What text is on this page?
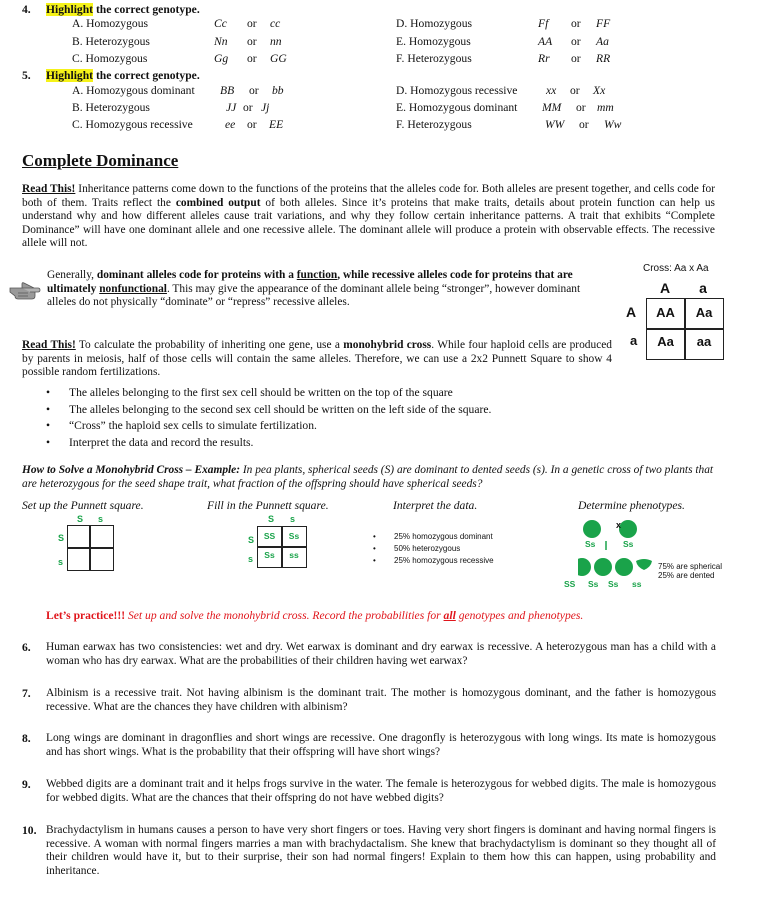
4. Highlight the correct genotype.
A. Homozygous	Cc or cc
B. Heterozygous	Nn or nn
C. Homozygous	Gg or GG
D. Homozygous	Ff or FF
E. Homozygous	AA or Aa
F. Heterozygous	Rr or RR
5. Highlight the correct genotype.
A. Homozygous dominant BB or bb
B. Heterozygous	JJ or Jj
C. Homozygous recessive	ee or EE
D. Homozygous recessive xx or Xx
E. Homozygous dominant MM or mm
F. Heterozygous	WW or Ww
Complete Dominance
Read This! Inheritance patterns come down to the functions of the proteins that the alleles code for. Both alleles are present together, and cells code for both of them. Traits reflect the combined output of both alleles. Since it’s proteins that make traits, details about protein function can help us understand why and how different alleles cause trait variations, and why they follow certain inheritance patterns. A trait that exhibits “Complete Dominance” will have one dominant allele and one recessive allele. The dominant allele will produce a protein with observable effects. The recessive allele will not.
Generally, dominant alleles code for proteins with a function, while recessive alleles code for proteins that are ultimately nonfunctional. This may give the appearance of the dominant allele being “stronger”, however dominant alleles do not physically “dominate” or “repress” recessive alleles.
Cross: Aa x Aa
A	a
A
a
AA	Aa
Aa	aa
Read This! To calculate the probability of inheriting one gene, use a monohybrid cross. While four haploid cells are produced by parents in meiosis, half of those cells will contain the same alleles. Therefore, we can use a 2x2 Punnett Square to show 4 possible random fertilizations.
• The alleles belonging to the first sex cell should be written on the top of the square
• The alleles belonging to the second sex cell should be written on the left side of the square.
• “Cross” the haploid sex cells to simulate fertilization.
• Interpret the data and record the results.
How to Solve a Monohybrid Cross – Example: In pea plants, spherical seeds (S) are dominant to dented seeds (s). In a genetic cross of two plants that are heterozygous for the seed shape trait, what fraction of the offspring should have spherical seeds?
Set up the Punnett square.	Fill in the Punnett square.	Interpret the data.	Determine phenotypes.
S s
S
s
S s
S
s
SS	Ss
Ss	ss
• 25% homozygous dominant
• 50% heterozygous
• 25% homozygous recessive
x
Ss	Ss
SS Ss Ss ss
75% are spherical
25% are dented
Let’s practice!!! Set up and solve the monohybrid cross. Record the probabilities for all genotypes and phenotypes.
6. Human earwax has two consistencies: wet and dry. Wet earwax is dominant and dry earwax is recessive. A heterozygous man has a child with a woman who has dry earwax. What are the probabilities of their children having wet earwax?
7. Albinism is a recessive trait. Not having albinism is the dominant trait. The mother is homozygous dominant, and the father is homozygous recessive. What are the chances they have children with albinism?
8. Long wings are dominant in dragonflies and short wings are recessive. One dragonfly is heterozygous with long wings. Its mate is homozygous and has short wings. What is the probability that their offspring will have short wings?
9. Webbed digits are a dominant trait and it helps frogs survive in the water. The female is heterozygous for webbed digits. The male is homozygous for webbed digits. What are the chances that their offspring do not have webbed digits?
10. Brachydactylism in humans causes a person to have very short fingers or toes. Having very short fingers is dominant and having normal fingers is recessive. A woman with normal fingers marries a man with brachydactalism. She knew that brachydactylism is dominant so they thought all of their children would have it, but to their surprise, their son had normal fingers! Explain to them how this can happen, using probability and inheritance.
